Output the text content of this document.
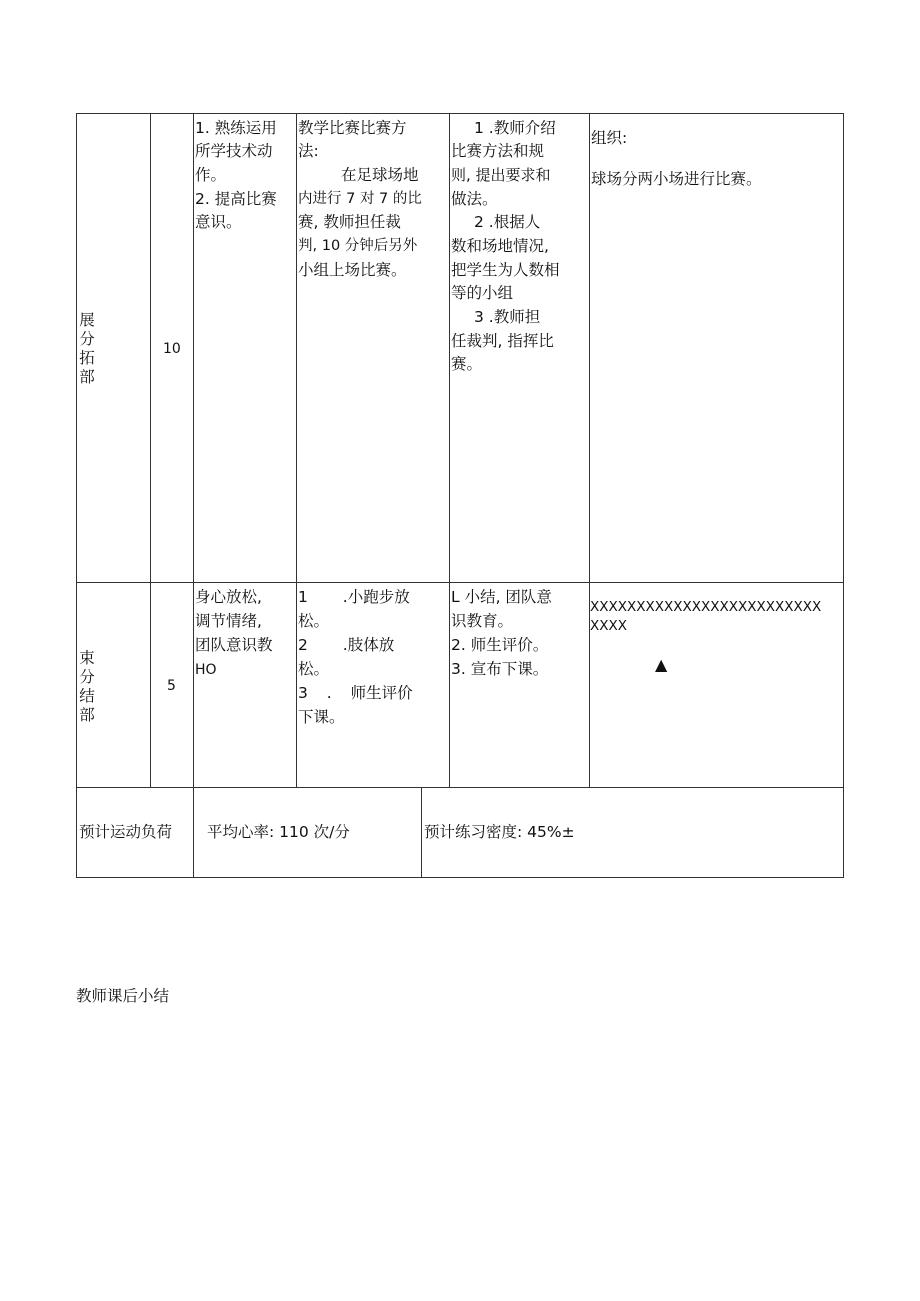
展
分
拓
部
10
1. 熟练运用
所学技术动
作。
2. 提高比赛
意识。
教学比赛比赛方
法:
在足球场地
内进行 7 对 7 的比
赛, 教师担任裁
判, 10 分钟后另外
小组上场比赛。
1 .教师介绍
比赛方法和规
则, 提出要求和
做法。
2 .根据人
数和场地情况,
把学生为人数相
等的小组
3 .教师担
任裁判, 指挥比
赛。
组织:
球场分两小场进行比赛。
束
分
结
部
5
身心放松,
调节情绪,
团队意识教
HO
1 .小跑步放
松。
2 .肢体放
松。
3 . 师生评价
下课。
L 小结, 团队意
识教育。
2. 师生评价。
3. 宣布下课。
XXXXXXXXXXXXXXXXXXXXXXXXX
XXXX
▲
预计运动负荷 平均心率: 110 次/分	预计练习密度: 45%±
教师课后小结
